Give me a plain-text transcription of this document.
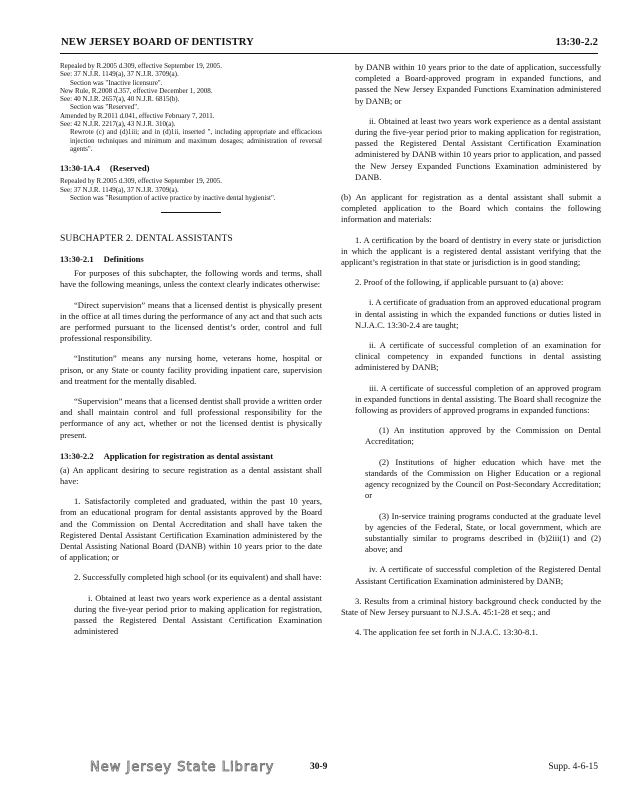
NEW JERSEY BOARD OF DENTISTRY	13:30-2.2

Repealed by R.2005 d.309, effective September 19, 2005.

See: 37 N.J.R. 1149(a), 37 N.J.R. 3709(a).

Section was "Inactive licensure".

New Rule, R.2008 d.357, effective December 1, 2008.

See: 40 N.J.R. 2657(a), 40 N.J.R. 6815(b).

Section was "Reserved".

Amended by R.2011 d.041, effective February 7, 2011.

See: 42 N.J.R. 2217(a), 43 N.J.R. 310(a).

Rewrote (c) and (d)1iii; and in (d)1ii, inserted ", including appropriate and efficacious injection techniques and minimum and maximum dosages; administration of reversal agents".

13:30-1A.4 (Reserved)

Repealed by R.2005 d.309, effective September 19, 2005.

See: 37 N.J.R. 1149(a), 37 N.J.R. 3709(a).

Section was "Resumption of active practice by inactive dental hygienist".

SUBCHAPTER 2. DENTAL ASSISTANTS
13:30-2.1 Definitions

For purposes of this subchapter, the following words and terms, shall have the following meanings, unless the context clearly indicates otherwise:

“Direct supervision” means that a licensed dentist is physically present in the office at all times during the performance of any act and that such acts are performed pursuant to the licensed dentist’s order, control and full professional responsibility.

“Institution” means any nursing home, veterans home, hospital or prison, or any State or county facility providing inpatient care, supervision and treatment for the mentally disabled.

“Supervision” means that a licensed dentist shall provide a written order and shall maintain control and full professional responsibility for the performance of any act, whether or not the licensed dentist is physically present.

13:30-2.2 Application for registration as dental assistant

(a) An applicant desiring to secure registration as a dental assistant shall have:

1. Satisfactorily completed and graduated, within the past 10 years, from an educational program for dental assistants approved by the Board and the Commission on Dental Accreditation and shall have taken the Registered Dental Assistant Certification Examination administered by the Dental Assisting National Board (DANB) within 10 years prior to the date of application; or

2. Successfully completed high school (or its equivalent) and shall have:

i. Obtained at least two years work experience as a dental assistant during the five-year period prior to making application for registration, passed the Registered Dental Assistant Certification Examination administered

by DANB within 10 years prior to the date of application, successfully completed a Board-approved program in expanded functions, and passed the New Jersey Expanded Functions Examination administered by DANB; or

ii. Obtained at least two years work experience as a dental assistant during the five-year period prior to making application for registration, passed the Registered Dental Assistant Certification Examination administered by DANB within 10 years prior to application, and passed the New Jersey Expanded Functions Examination administered by DANB.

(b) An applicant for registration as a dental assistant shall submit a completed application to the Board which contains the following information and materials:

1. A certification by the board of dentistry in every state or jurisdiction in which the applicant is a registered dental assistant verifying that the applicant’s registration in that state or jurisdiction is in good standing;

2. Proof of the following, if applicable pursuant to (a) above:

i. A certificate of graduation from an approved educational program in dental assisting in which the expanded functions or duties listed in N.J.A.C. 13:30-2.4 are taught;

ii. A certificate of successful completion of an examination for clinical competency in expanded functions in dental assisting administered by DANB;

iii. A certificate of successful completion of an approved program in expanded functions in dental assisting. The Board shall recognize the following as providers of approved programs in expanded functions:

(1) An institution approved by the Commission on Dental Accreditation;

(2) Institutions of higher education which have met the standards of the Commission on Higher Education or a regional agency recognized by the Council on Post-Secondary Accreditation; or

(3) In-service training programs conducted at the graduate level by agencies of the Federal, State, or local government, which are substantially similar to programs described in (b)2iii(1) and (2) above; and

iv. A certificate of successful completion of the Registered Dental Assistant Certification Examination administered by DANB;

3. Results from a criminal history background check conducted by the State of New Jersey pursuant to N.J.S.A. 45:1-28 et seq.; and

4. The application fee set forth in N.J.A.C. 13:30-8.1.

New Jersey State Library	30-9	Supp. 4-6-15
